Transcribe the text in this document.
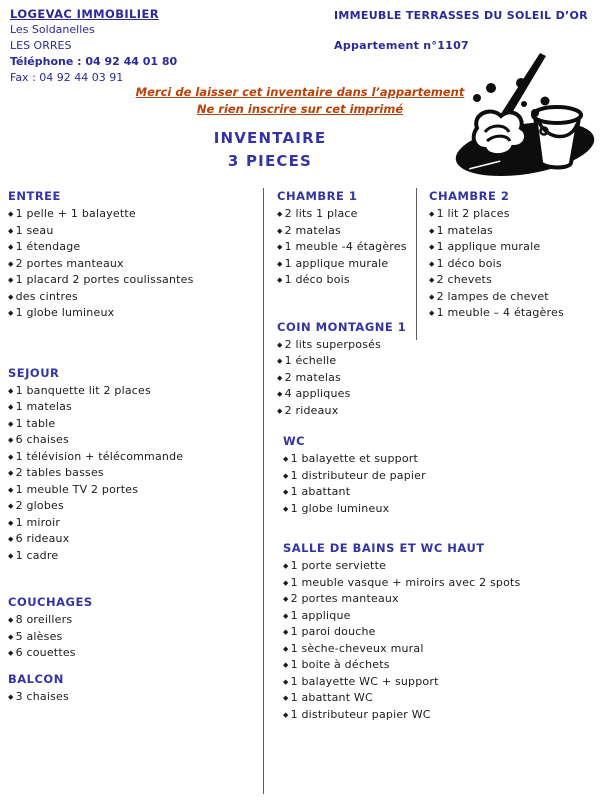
LOGEVAC IMMOBILIER
Les Soldanelles
LES ORRES
Téléphone : 04 92 44 01 80
Fax : 04 92 44 03 91
IMMEUBLE TERRASSES DU SOLEIL D’OR
Appartement n°1107
Merci de laisser cet inventaire dans l’appartement
Ne rien inscrire sur cet imprimé
INVENTAIRE
3 PIECES
ENTREE
◆ 1 pelle + 1 balayette
◆ 1 seau
◆ 1 étendage
◆ 2 portes manteaux
◆ 1 placard 2 portes coulissantes
◆ des cintres
◆ 1 globe lumineux
SEJOUR
◆ 1 banquette lit 2 places
◆ 1 matelas
◆ 1 table
◆ 6 chaises
◆ 1 télévision + télécommande
◆ 2 tables basses
◆ 1 meuble TV 2 portes
◆ 2 globes
◆ 1 miroir
◆ 6 rideaux
◆ 1 cadre
COUCHAGES
◆ 8 oreillers
◆ 5 alèses
◆ 6 couettes
BALCON
◆ 3 chaises
CHAMBRE 1
◆ 2 lits 1 place
◆ 2 matelas
◆ 1 meuble -4 étagères
◆ 1 applique murale
◆ 1 déco bois
COIN MONTAGNE 1
◆ 2 lits superposés
◆ 1 échelle
◆ 2 matelas
◆ 4 appliques
◆ 2 rideaux
WC
◆ 1 balayette et support
◆ 1 distributeur de papier
◆ 1 abattant
◆ 1 globe lumineux
SALLE DE BAINS ET WC HAUT
◆ 1 porte serviette
◆ 1 meuble vasque + miroirs avec 2 spots
◆ 2 portes manteaux
◆ 1 applique
◆ 1 paroi douche
◆ 1 sèche-cheveux mural
◆ 1 boite à déchets
◆ 1 balayette WC + support
◆ 1 abattant WC
◆ 1 distributeur papier WC
CHAMBRE 2
◆ 1 lit 2 places
◆ 1 matelas
◆ 1 applique murale
◆ 1 déco bois
◆ 2 chevets
◆ 2 lampes de chevet
◆ 1 meuble – 4 étagères
